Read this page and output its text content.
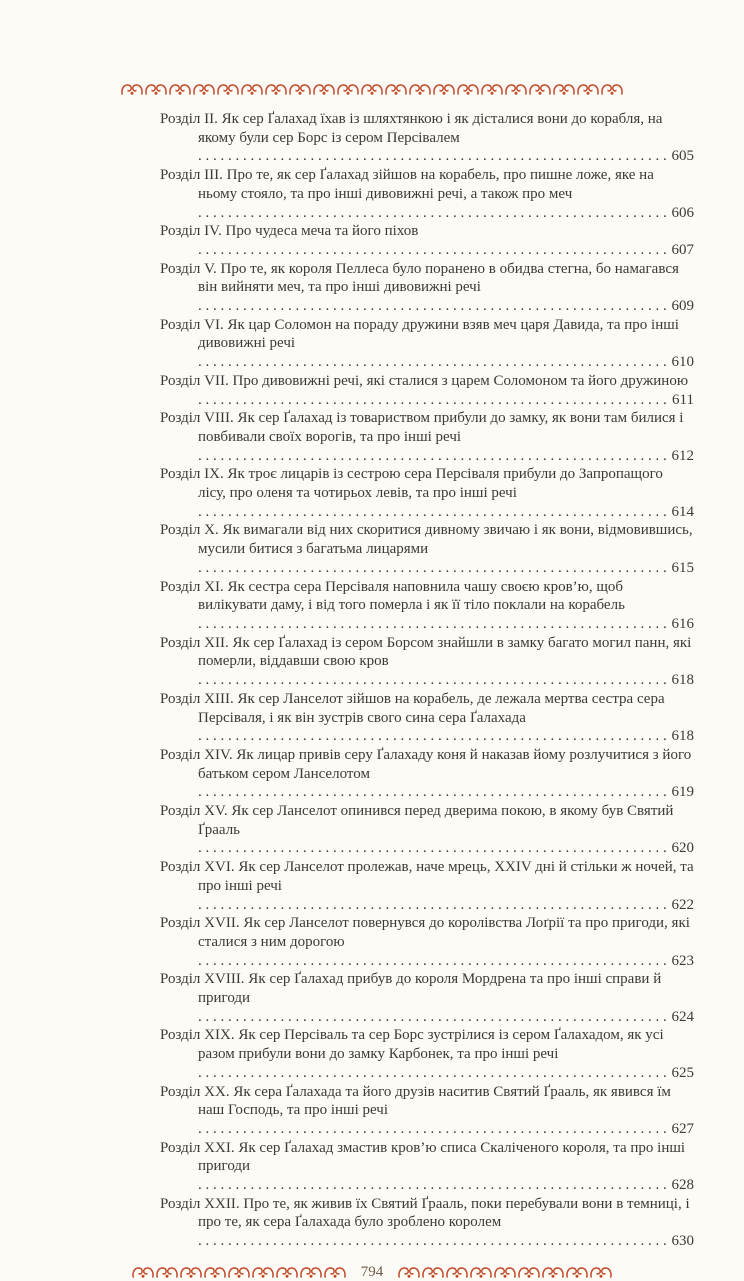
Розділ II. Як сер Ґалахад їхав із шляхтянкою і як дісталися вони до корабля, на якому були сер Борс із сером Персівалем . . .
605
Розділ III. Про те, як сер Ґалахад зійшов на корабель, про пишне ложе, яке на ньому стояло, та про інші дивовижні речі, а також про меч . . .
606
Розділ IV. Про чудеса меча та його піхов . . .
607
Розділ V. Про те, як короля Пеллеса було поранено в обидва стегна, бо намагався він вийняти меч, та про інші дивовижні речі . . .
609
Розділ VI. Як цар Соломон на пораду дружини взяв меч царя Давида, та про інші дивовижні речі . . .
610
Розділ VII. Про дивовижні речі, які сталися з царем Соломоном та його дружиною . . .
611
Розділ VIII. Як сер Ґалахад із товариством прибули до замку, як вони там билися і повбивали своїх ворогів, та про інші речі . . .
612
Розділ IX. Як троє лицарів із сестрою сера Персіваля прибули до Запропащого лісу, про оленя та чотирьох левів, та про інші речі . . .
614
Розділ X. Як вимагали від них скоритися дивному звичаю і як вони, відмовившись, мусили битися з багатьма лицарями . . .
615
Розділ XI. Як сестра сера Персіваля наповнила чашу своєю кров’ю, щоб вилікувати даму, і від того померла і як її тіло поклали на корабель . . .
616
Розділ XII. Як сер Ґалахад із сером Борсом знайшли в замку багато могил панн, які померли, віддавши свою кров . . .
618
Розділ XIII. Як сер Ланселот зійшов на корабель, де лежала мертва сестра сера Персіваля, і як він зустрів свого сина сера Ґалахада . . .
618
Розділ XIV. Як лицар привів серу Ґалахаду коня й наказав йому розлучитися з його батьком сером Ланселотом . . .
619
Розділ XV. Як сер Ланселот опинився перед дверима покою, в якому був Святий Ґрааль . . .
620
Розділ XVI. Як сер Ланселот пролежав, наче мрець, XXIV дні й стільки ж ночей, та про інші речі . . .
622
Розділ XVII. Як сер Ланселот повернувся до королівства Лоґрії та про пригоди, які сталися з ним дорогою . . .
623
Розділ XVIII. Як сер Ґалахад прибув до короля Мордрена та про інші справи й пригоди . . .
624
Розділ XIX. Як сер Персіваль та сер Борс зустрілися із сером Ґалахадом, як усі разом прибули вони до замку Карбонек, та про інші речі . . .
625
Розділ XX. Як сера Ґалахада та його друзів наситив Святий Ґрааль, як явився їм наш Господь, та про інші речі . . .
627
Розділ XXI. Як сер Ґалахад змастив кров’ю списа Скаліченого короля, та про інші пригоди . . .
628
Розділ XXII. Про те, як живив їх Святий Ґрааль, поки перебували вони в темниці, і про те, як сера Ґалахада було зроблено королем . . .
630
794
